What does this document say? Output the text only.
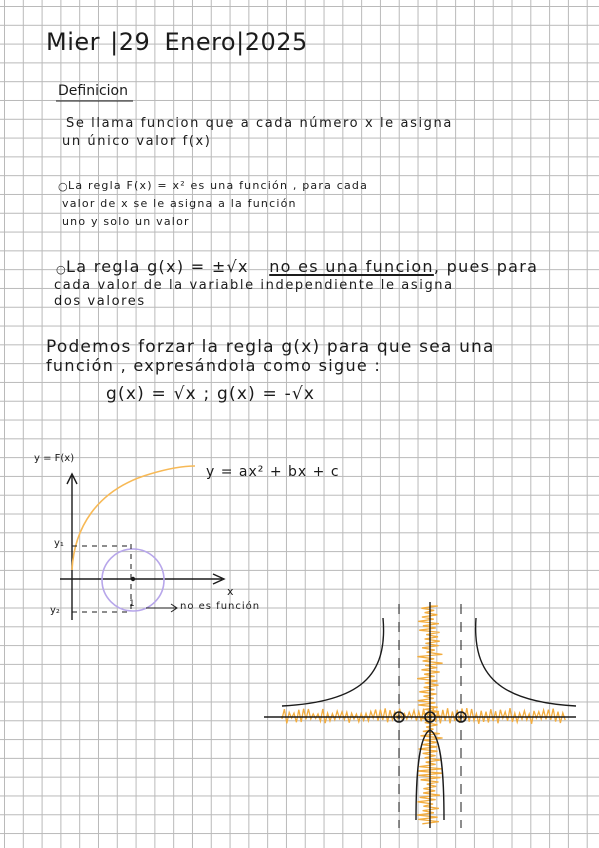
Mier |29 Enero|2025
Definicion
Se llama funcion que a cada número x le asigna
un único valor f(x)
○ La regla F(x) = x² es una función , para cada
valor de x se le asigna a la función
uno y solo un valor
○ La regla g(x) = ±√x no es una funcion, pues para
cada valor de la variable independiente le asigna
dos valores
Podemos forzar la regla g(x) para que sea una
función , expresándola como sigue :
g(x) = √x ; g(x) = -√x
y = F(x)
y = ax² + bx + c
x
y₁
y₂
1	no es función
